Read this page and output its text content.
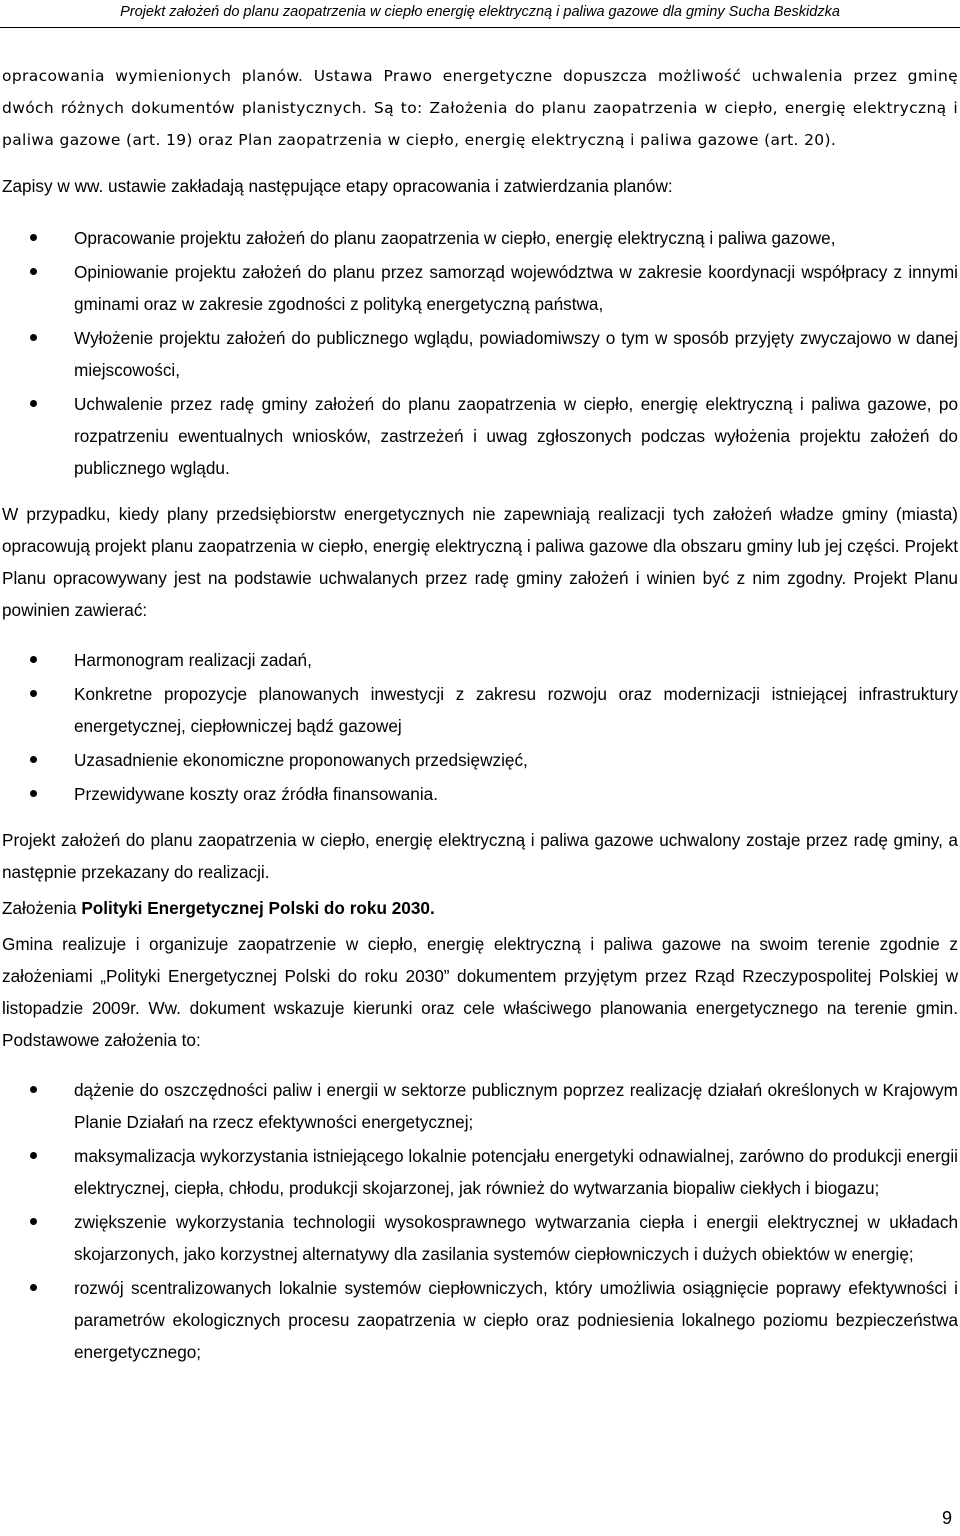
Projekt założeń do planu zaopatrzenia w ciepło energię elektryczną i paliwa gazowe dla gminy Sucha Beskidzka

opracowania wymienionych planów. Ustawa Prawo energetyczne dopuszcza możliwość uchwalenia przez gminę dwóch różnych dokumentów planistycznych. Są to: Założenia do planu zaopatrzenia w ciepło, energię elektryczną i paliwa gazowe (art. 19) oraz Plan zaopatrzenia w ciepło, energię elektryczną i paliwa gazowe (art. 20).

Zapisy w ww. ustawie zakładają następujące etapy opracowania i zatwierdzania planów:

Opracowanie projektu założeń do planu zaopatrzenia w ciepło, energię elektryczną i paliwa gazowe,
Opiniowanie projektu założeń do planu przez samorząd województwa w zakresie koordynacji współpracy z innymi gminami oraz w zakresie zgodności z polityką energetyczną państwa,
Wyłożenie projektu założeń do publicznego wglądu, powiadomiwszy o tym w sposób przyjęty zwyczajowo w danej miejscowości,
Uchwalenie przez radę gminy założeń do planu zaopatrzenia w ciepło, energię elektryczną i paliwa gazowe, po rozpatrzeniu ewentualnych wniosków, zastrzeżeń i uwag zgłoszonych podczas wyłożenia projektu założeń do publicznego wglądu.

W przypadku, kiedy plany przedsiębiorstw energetycznych nie zapewniają realizacji tych założeń władze gminy (miasta) opracowują projekt planu zaopatrzenia w ciepło, energię elektryczną i paliwa gazowe dla obszaru gminy lub jej części. Projekt Planu opracowywany jest na podstawie uchwalanych przez radę gminy założeń i winien być z nim zgodny. Projekt Planu powinien zawierać:

Harmonogram realizacji zadań,
Konkretne propozycje planowanych inwestycji z zakresu rozwoju oraz modernizacji istniejącej infrastruktury energetycznej, ciepłowniczej bądź gazowej
Uzasadnienie ekonomiczne proponowanych przedsięwzięć,
Przewidywane koszty oraz źródła finansowania.

Projekt założeń do planu zaopatrzenia w ciepło, energię elektryczną i paliwa gazowe uchwalony zostaje przez radę gminy, a następnie przekazany do realizacji.

Założenia Polityki Energetycznej Polski do roku 2030.

Gmina realizuje i organizuje zaopatrzenie w ciepło, energię elektryczną i paliwa gazowe na swoim terenie zgodnie z założeniami „Polityki Energetycznej Polski do roku 2030” dokumentem przyjętym przez Rząd Rzeczypospolitej Polskiej w listopadzie 2009r. Ww. dokument wskazuje kierunki oraz cele właściwego planowania energetycznego na terenie gmin. Podstawowe założenia to:

dążenie do oszczędności paliw i energii w sektorze publicznym poprzez realizację działań określonych w Krajowym Planie Działań na rzecz efektywności energetycznej;
maksymalizacja wykorzystania istniejącego lokalnie potencjału energetyki odnawialnej, zarówno do produkcji energii elektrycznej, ciepła, chłodu, produkcji skojarzonej, jak również do wytwarzania biopaliw ciekłych i biogazu;
zwiększenie wykorzystania technologii wysokosprawnego wytwarzania ciepła i energii elektrycznej w układach skojarzonych, jako korzystnej alternatywy dla zasilania systemów ciepłowniczych i dużych obiektów w energię;
rozwój scentralizowanych lokalnie systemów ciepłowniczych, który umożliwia osiągnięcie poprawy efektywności i parametrów ekologicznych procesu zaopatrzenia w ciepło oraz podniesienia lokalnego poziomu bezpieczeństwa energetycznego;
9
